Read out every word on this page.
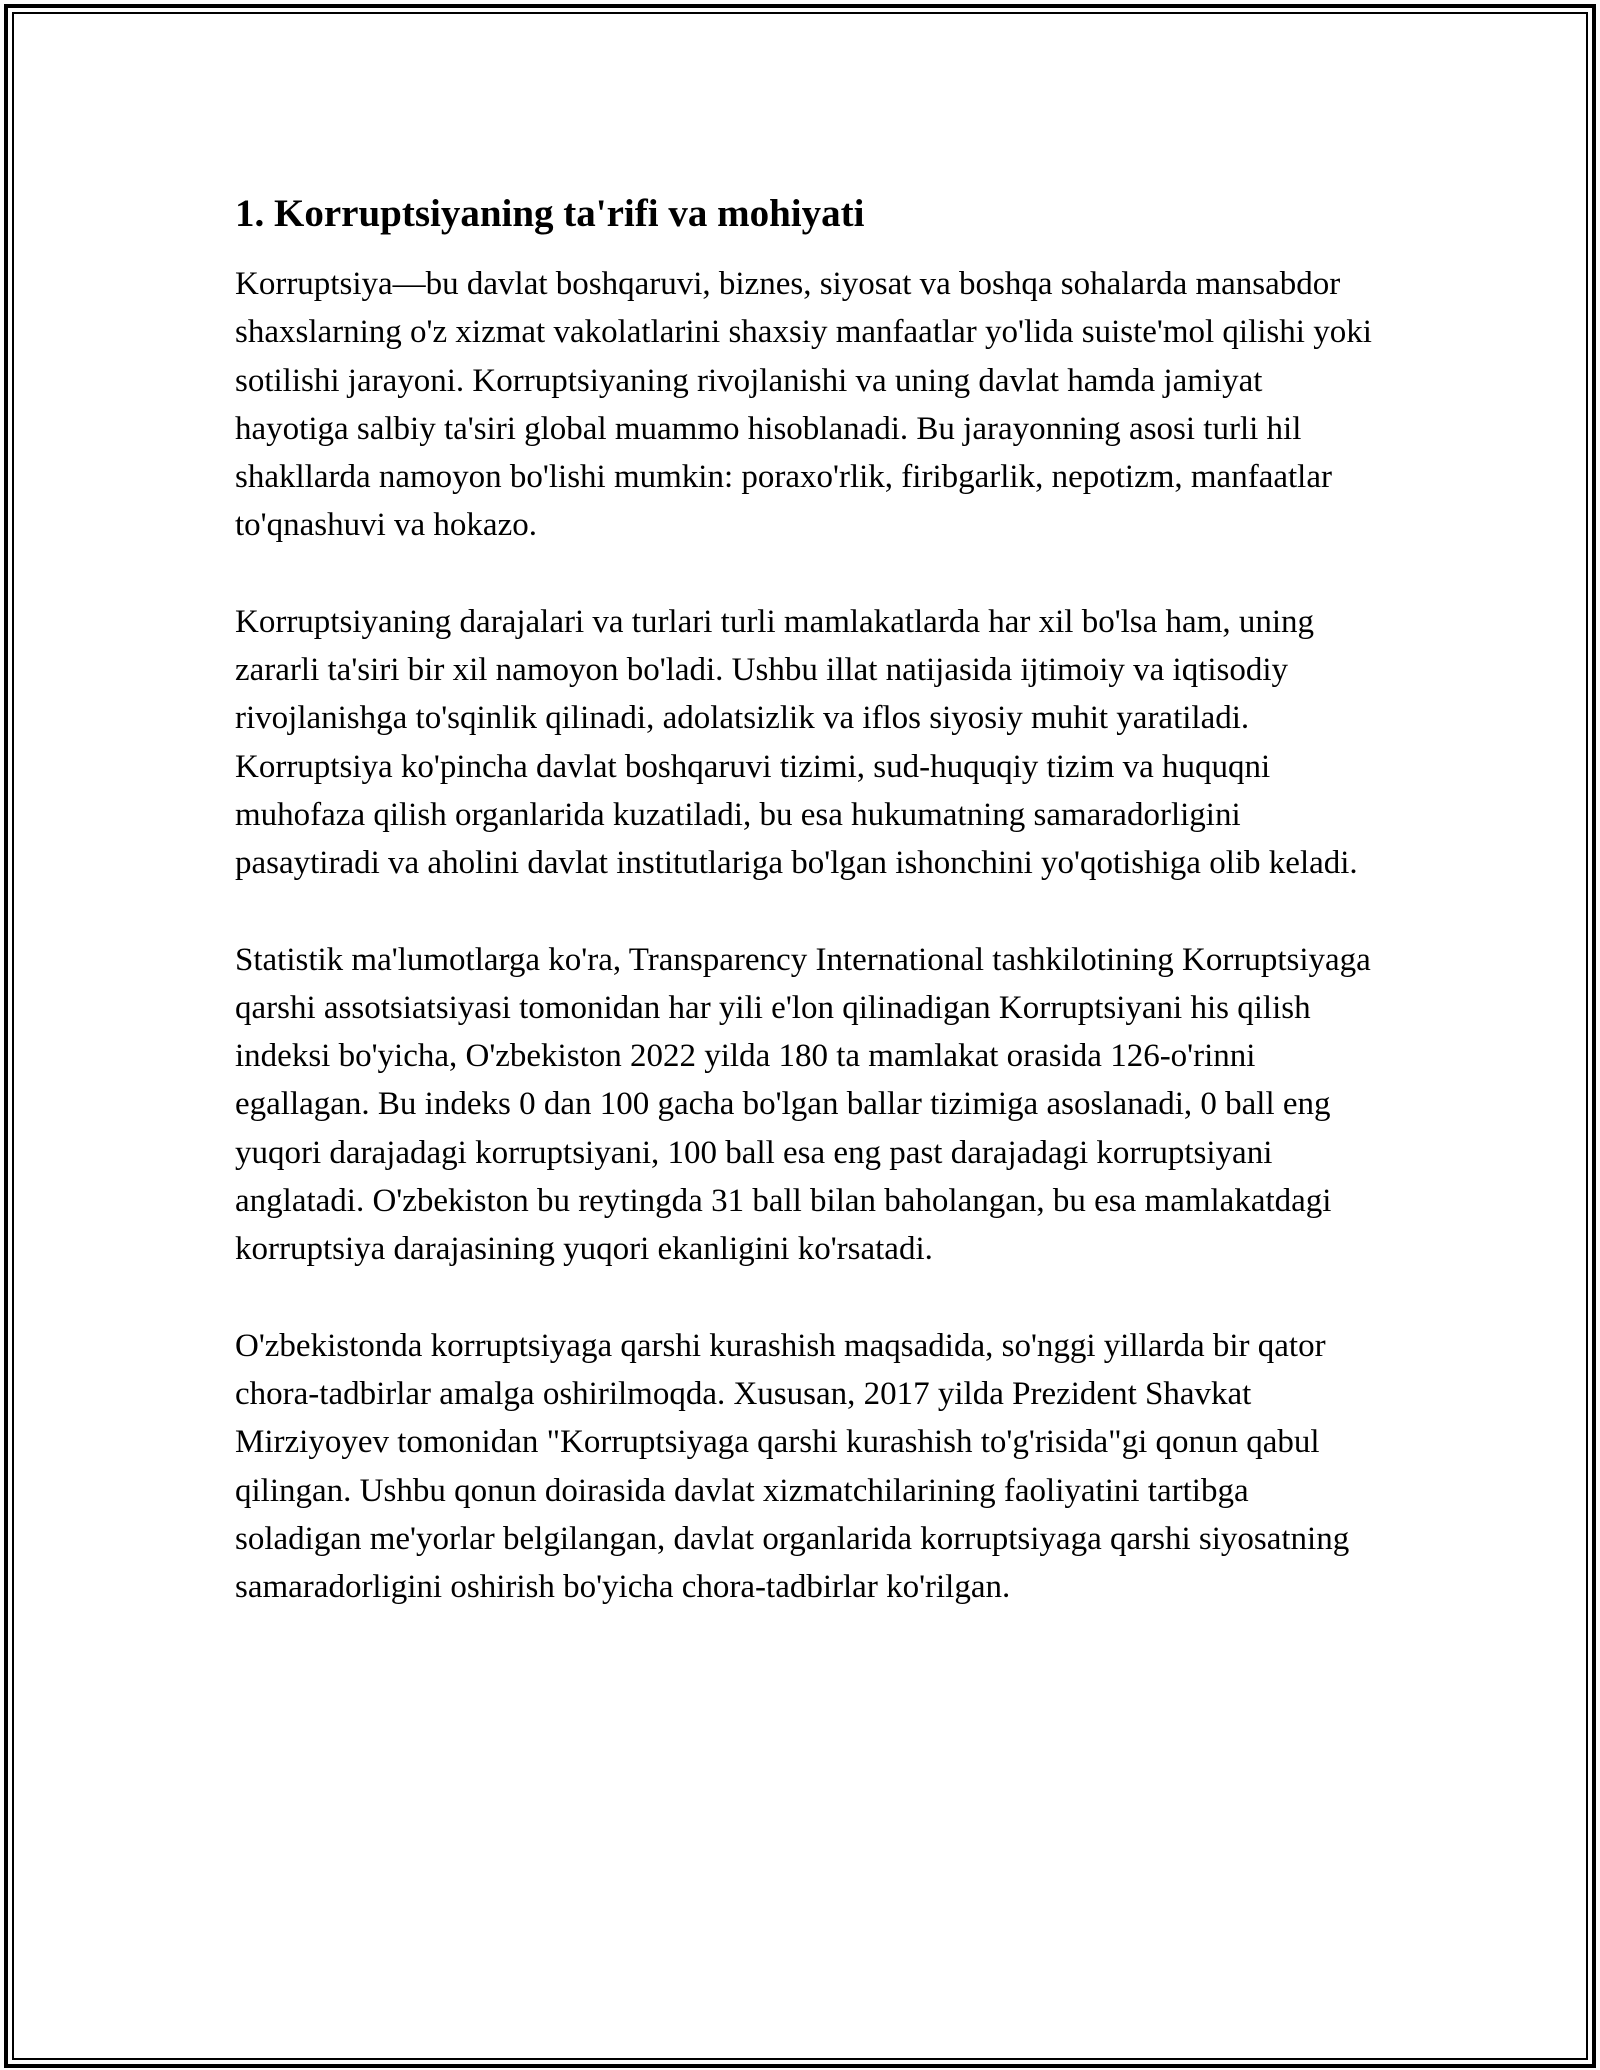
1. Korruptsiyaning ta'rifi va mohiyati

Korruptsiya—bu davlat boshqaruvi, biznes, siyosat va boshqa sohalarda mansabdor shaxslarning o'z xizmat vakolatlarini shaxsiy manfaatlar yo'lida suiste'mol qilishi yoki sotilishi jarayoni. Korruptsiyaning rivojlanishi va uning davlat hamda jamiyat hayotiga salbiy ta'siri global muammo hisoblanadi. Bu jarayonning asosi turli hil shakllarda namoyon bo'lishi mumkin: poraxo'rlik, firibgarlik, nepotizm, manfaatlar to'qnashuvi va hokazo.

Korruptsiyaning darajalari va turlari turli mamlakatlarda har xil bo'lsa ham, uning zararli ta'siri bir xil namoyon bo'ladi. Ushbu illat natijasida ijtimoiy va iqtisodiy rivojlanishga to'sqinlik qilinadi, adolatsizlik va iflos siyosiy muhit yaratiladi. Korruptsiya ko'pincha davlat boshqaruvi tizimi, sud-huquqiy tizim va huquqni muhofaza qilish organlarida kuzatiladi, bu esa hukumatning samaradorligini pasaytiradi va aholini davlat institutlariga bo'lgan ishonchini yo'qotishiga olib keladi.

Statistik ma'lumotlarga ko'ra, Transparency International tashkilotining Korruptsiyaga qarshi assotsiatsiyasi tomonidan har yili e'lon qilinadigan Korruptsiyani his qilish indeksi bo'yicha, O'zbekiston 2022 yilda 180 ta mamlakat orasida 126-o'rinni egallagan. Bu indeks 0 dan 100 gacha bo'lgan ballar tizimiga asoslanadi, 0 ball eng yuqori darajadagi korruptsiyani, 100 ball esa eng past darajadagi korruptsiyani anglatadi. O'zbekiston bu reytingda 31 ball bilan baholangan, bu esa mamlakatdagi korruptsiya darajasining yuqori ekanligini ko'rsatadi.

O'zbekistonda korruptsiyaga qarshi kurashish maqsadida, so'nggi yillarda bir qator chora-tadbirlar amalga oshirilmoqda. Xususan, 2017 yilda Prezident Shavkat Mirziyoyev tomonidan "Korruptsiyaga qarshi kurashish to'g'risida"gi qonun qabul qilingan. Ushbu qonun doirasida davlat xizmatchilarining faoliyatini tartibga soladigan me'yorlar belgilangan, davlat organlarida korruptsiyaga qarshi siyosatning samaradorligini oshirish bo'yicha chora-tadbirlar ko'rilgan.
